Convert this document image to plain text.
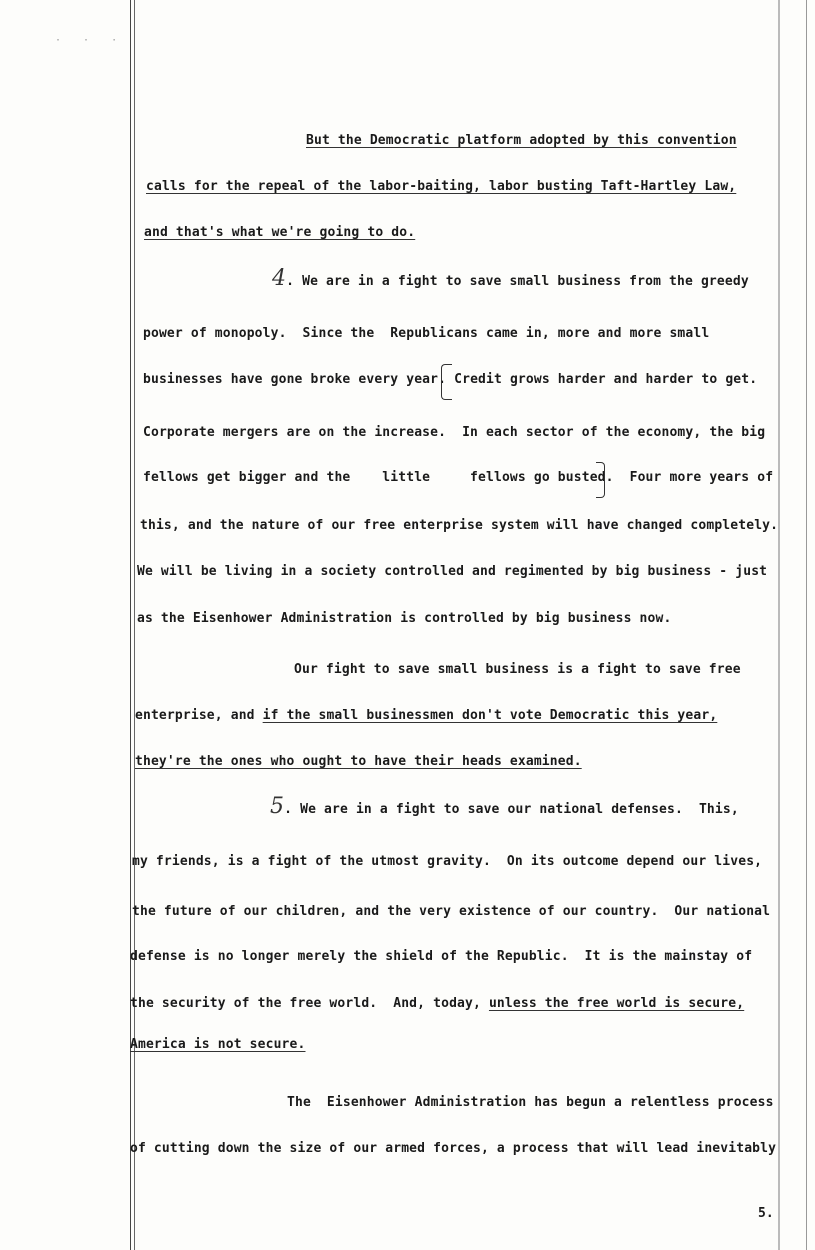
· · ·
But the Democratic platform adopted by this convention
calls for the repeal of the labor-baiting, labor busting Taft-Hartley Law,
and that's what we're going to do.
4. We are in a fight to save small business from the greedy
power of monopoly.  Since the  Republicans came in, more and more small
businesses have gone broke every year. Credit grows harder and harder to get.
Corporate mergers are on the increase.  In each sector of the economy, the big
fellows get bigger and the    little     fellows go busted. Four more years of
this, and the nature of our free enterprise system will have changed completely.
We will be living in a society controlled and regimented by big business - just
as the Eisenhower Administration is controlled by big business now.
Our fight to save small business is a fight to save free
enterprise, and if the small businessmen don't vote Democratic this year,
they're the ones who ought to have their heads examined.
5. We are in a fight to save our national defenses.  This,
my friends, is a fight of the utmost gravity.  On its outcome depend our lives,
the future of our children, and the very existence of our country.  Our national
defense is no longer merely the shield of the Republic.  It is the mainstay of
the security of the free world.  And, today, unless the free world is secure,
America is not secure.
The  Eisenhower Administration has begun a relentless process
of cutting down the size of our armed forces, a process that will lead inevitably
5.
